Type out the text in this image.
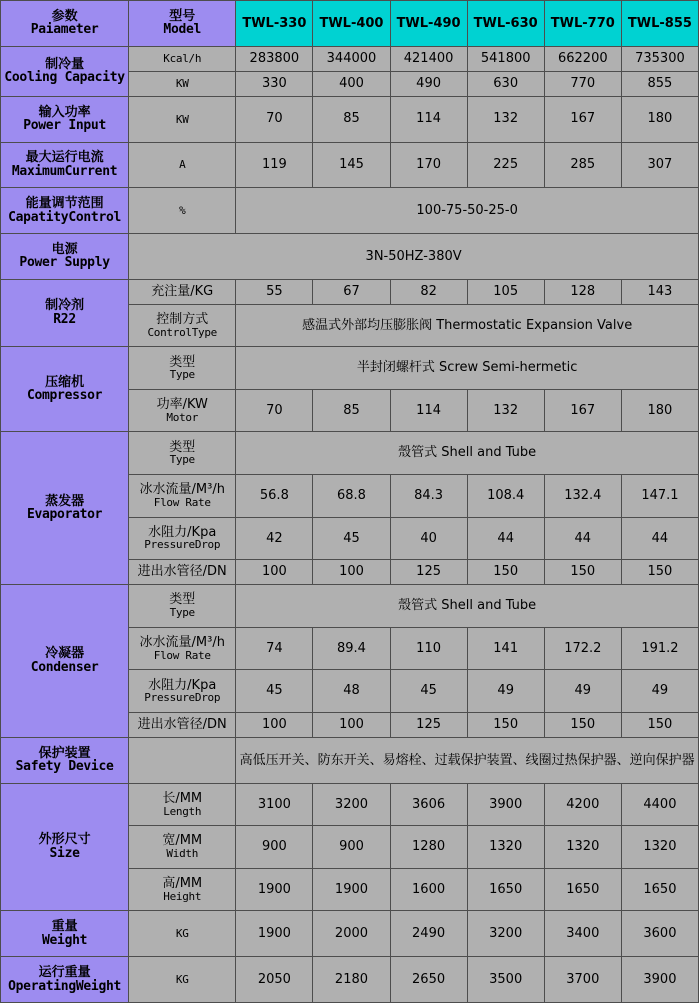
参数
Paiameter	型号
Model	TWL-330	TWL-400	TWL-490	TWL-630	TWL-770	TWL-855

制冷量
Cooling Capacity	Kcal/h	283800	344000	421400	541800	662200	735300

	KW	330	400	490	630	770	855

输入功率
Power Input	KW	70	85	114	132	167	180

最大运行电流
MaximumCurrent	A	119	145	170	225	285	307

能量调节范围
CapatityControl	%	100-75-50-25-0					

电源
Power Supply	3N-50HZ-380V						

制冷剂
R22	充注量/KG	55	67	82	105	128	143

	控制方式
ControlType	感温式外部均压膨胀阀 Thermostatic Expansion Valve					

压缩机
Compressor	类型
Type	半封闭螺杆式 Screw Semi-hermetic					

	功率/KW
Motor	70	85	114	132	167	180

蒸发器
Evaporator	类型
Type	殼管式 Shell and Tube					

	冰水流量/M³/h
Flow Rate	56.8	68.8	84.3	108.4	132.4	147.1

	水阻力/Kpa
PressureDrop	42	45	40	44	44	44

	进出水管径/DN	100	100	125	150	150	150

冷凝器
Condenser	类型
Type	殼管式 Shell and Tube					

	冰水流量/M³/h
Flow Rate	74	89.4	110	141	172.2	191.2

	水阻力/Kpa
PressureDrop	45	48	45	49	49	49

	进出水管径/DN	100	100	125	150	150	150

保护装置
Safety Device		高低压开关、防东开关、易熔栓、过载保护装置、线圈过热保护器、逆向保护器					

外形尺寸
Size	长/MM
Length	3100	3200	3606	3900	4200	4400

	宽/MM
Width	900	900	1280	1320	1320	1320

	高/MM
Height	1900	1900	1600	1650	1650	1650

重量
Weight	KG	1900	2000	2490	3200	3400	3600

运行重量
OperatingWeight	KG	2050	2180	2650	3500	3700	3900
